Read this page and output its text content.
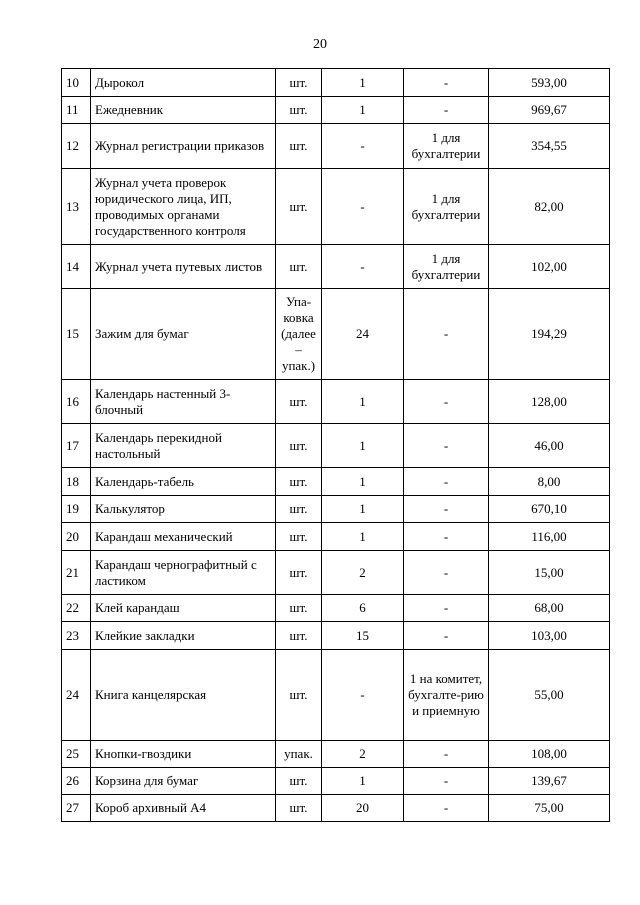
20
10	Дырокол	шт.	1	-	593,00
11	Ежедневник	шт.	1	-	969,67
12	Журнал регистрации приказов	шт.	-	1 для бухгалтерии	354,55
13	Журнал учета проверок юридического лица, ИП, проводимых органами государственного контроля	шт.	-	1 для бухгалтерии	82,00
14	Журнал учета путевых листов	шт.	-	1 для бухгалтерии	102,00
15	Зажим для бумаг	Упа-ковка (далее – упак.)	24	-	194,29
16	Календарь настенный 3-блочный	шт.	1	-	128,00
17	Календарь перекидной настольный	шт.	1	-	46,00
18	Календарь-табель	шт.	1	-	8,00
19	Калькулятор	шт.	1	-	670,10
20	Карандаш механический	шт.	1	-	116,00
21	Карандаш чернографитный с ластиком	шт.	2	-	15,00
22	Клей карандаш	шт.	6	-	68,00
23	Клейкие закладки	шт.	15	-	103,00
24	Книга канцелярская	шт.	-	1 на комитет, бухгалте-рию и приемную	55,00
25	Кнопки-гвоздики	упак.	2	-	108,00
26	Корзина для бумаг	шт.	1	-	139,67
27	Короб архивный А4	шт.	20	-	75,00
